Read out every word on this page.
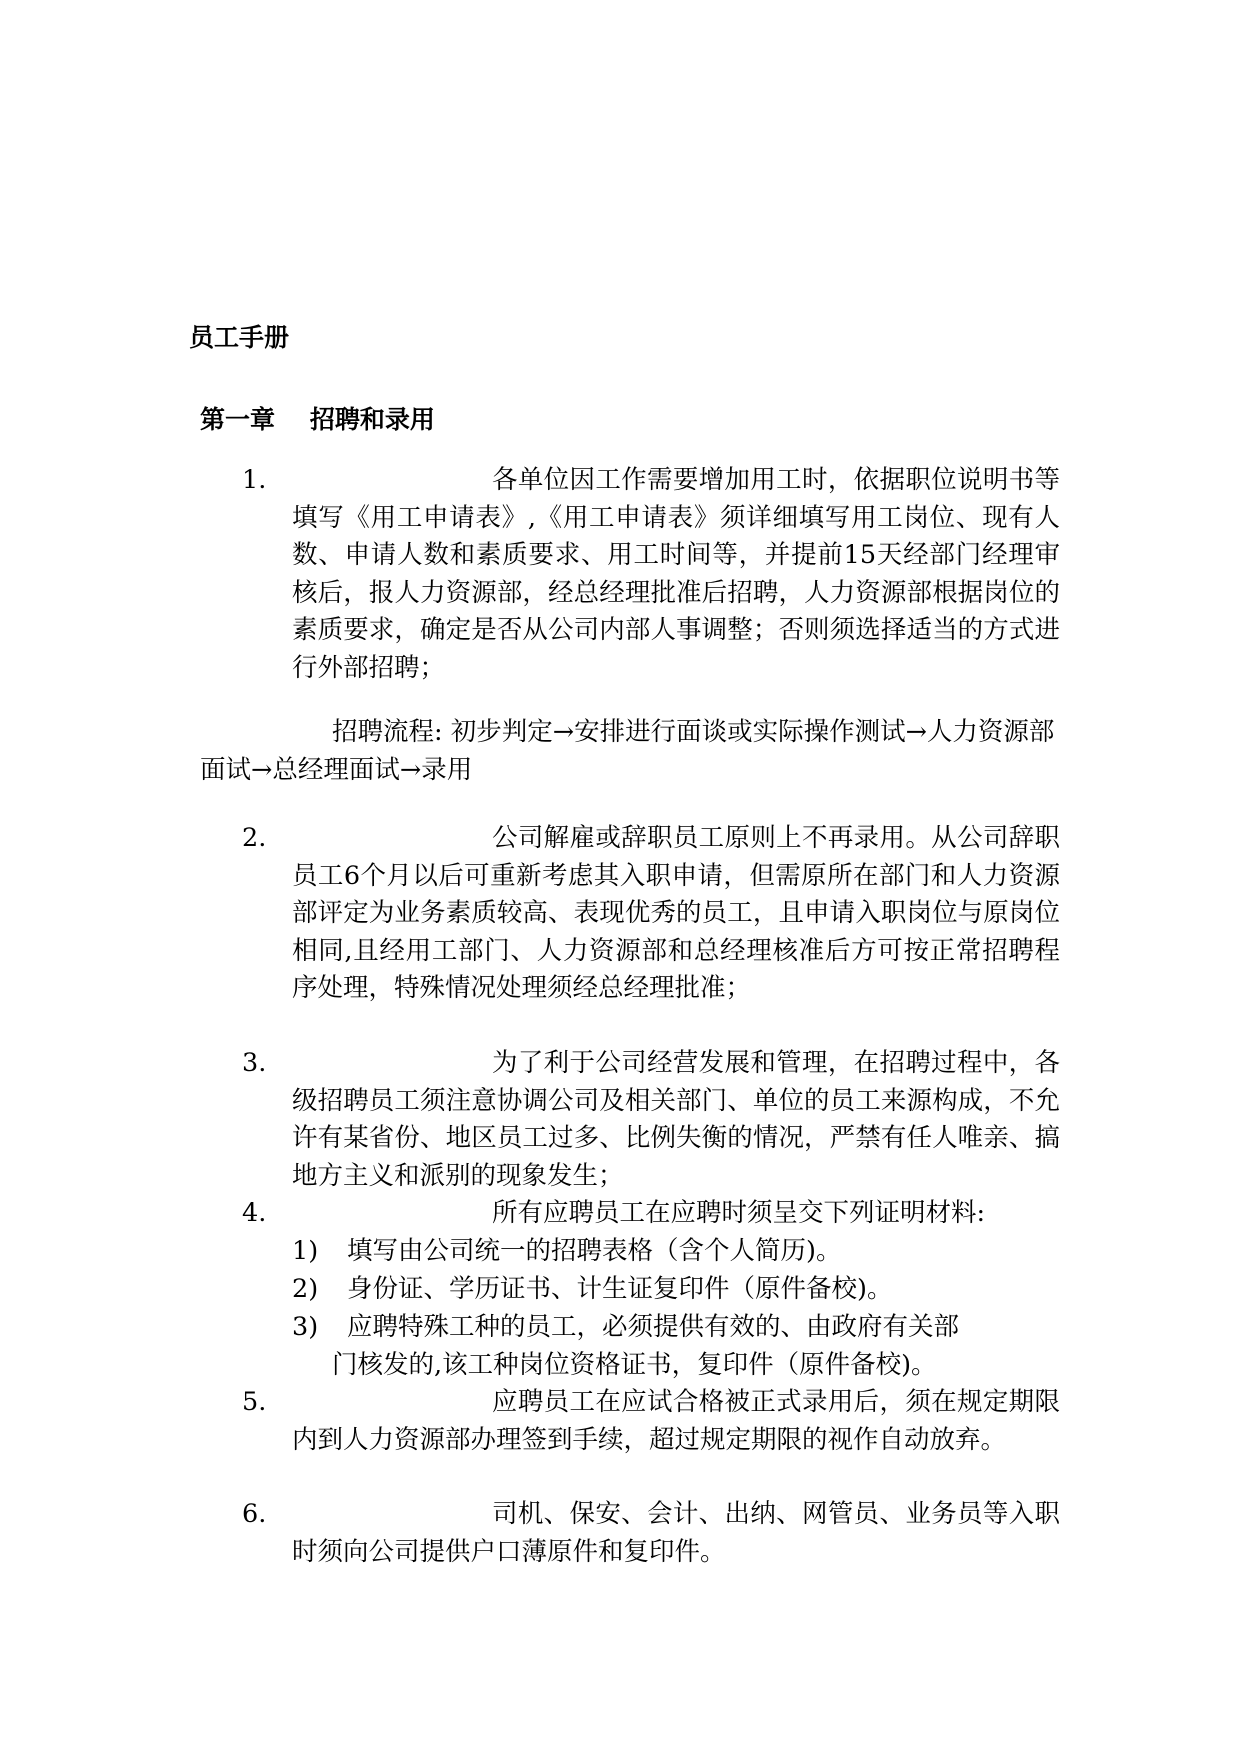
员工手册
第一章    招聘和录用
1.	各单位因工作需要增加用工时，依据职位说明书等填写《用工申请表》,《用工申请表》须详细填写用工岗位、现有人数、申请人数和素质要求、用工时间等，并提前15天经部门经理审核后，报人力资源部，经总经理批准后招聘，人力资源部根据岗位的素质要求，确定是否从公司内部人事调整；否则须选择适当的方式进行外部招聘；
招聘流程: 初步判定→安排进行面谈或实际操作测试→人力资源部面试→总经理面试→录用
2.	公司解雇或辞职员工原则上不再录用。从公司辞职员工6个月以后可重新考虑其入职申请，但需原所在部门和人力资源部评定为业务素质较高、表现优秀的员工，且申请入职岗位与原岗位相同,且经用工部门、人力资源部和总经理核准后方可按正常招聘程序处理，特殊情况处理须经总经理批准；
3.	为了利于公司经营发展和管理，在招聘过程中，各级招聘员工须注意协调公司及相关部门、单位的员工来源构成，不允许有某省份、地区员工过多、比例失衡的情况，严禁有任人唯亲、搞地方主义和派别的现象发生；
4.	所有应聘员工在应聘时须呈交下列证明材料:
1) 填写由公司统一的招聘表格（含个人简历)。
2) 身份证、学历证书、计生证复印件（原件备校)。
3) 应聘特殊工种的员工，必须提供有效的、由政府有关部
门核发的,该工种岗位资格证书，复印件（原件备校)。
5.	应聘员工在应试合格被正式录用后，须在规定期限内到人力资源部办理签到手续，超过规定期限的视作自动放弃。
6.	司机、保安、会计、出纳、网管员、业务员等入职时须向公司提供户口薄原件和复印件。
